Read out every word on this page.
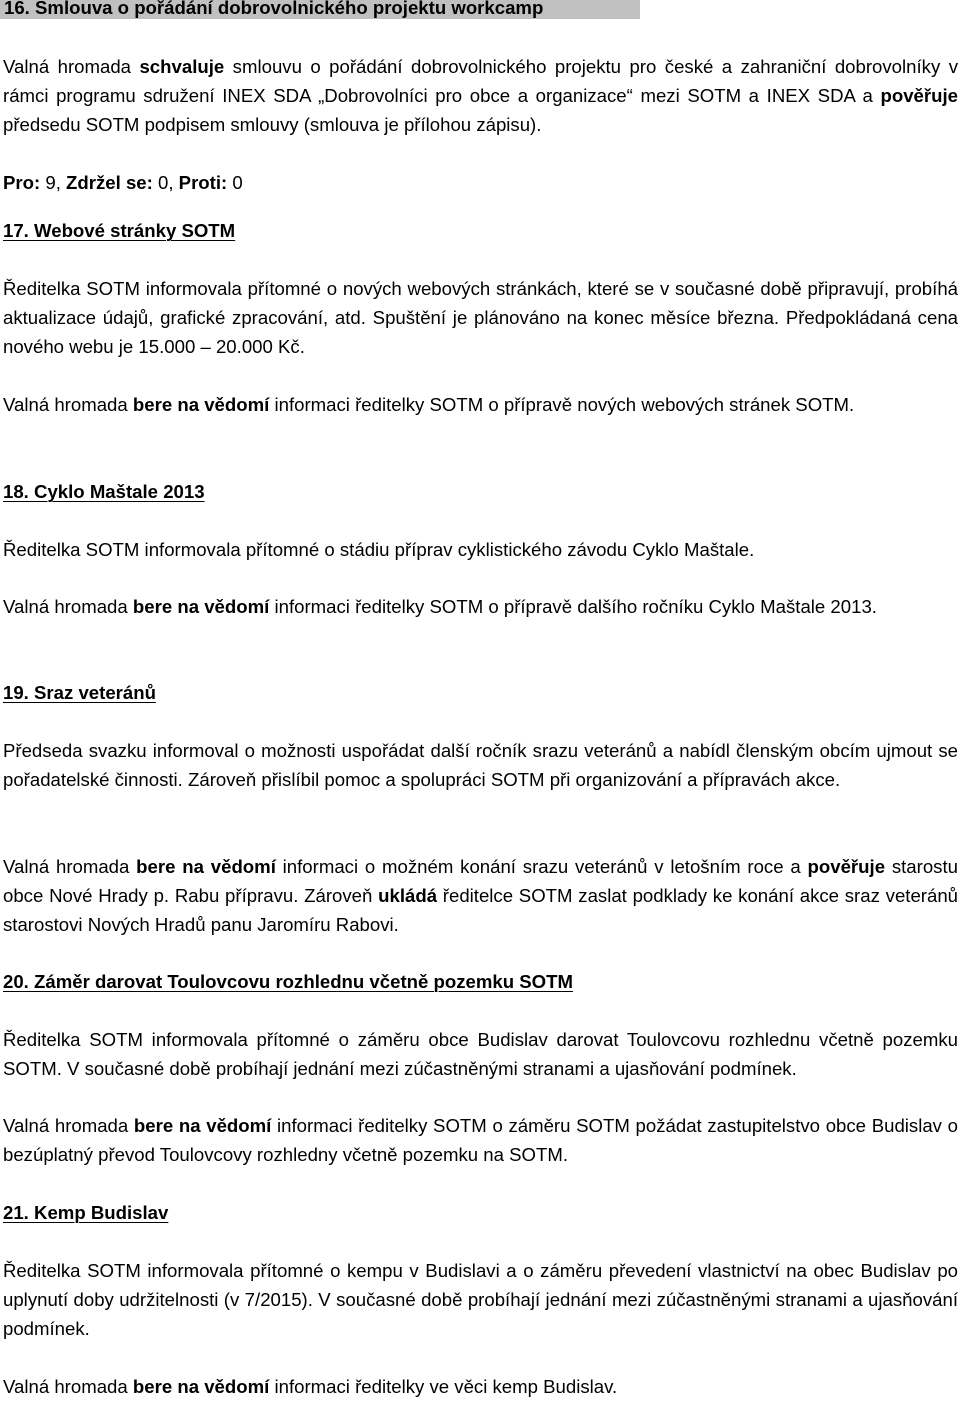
16. Smlouva o pořádání dobrovolnického projektu workcamp

Valná hromada schvaluje smlouvu o pořádání dobrovolnického projektu pro české a zahraniční dobrovolníky v rámci programu sdružení INEX SDA „Dobrovolníci pro obce a organizace“ mezi SOTM a INEX SDA a pověřuje předsedu SOTM podpisem smlouvy (smlouva je přílohou zápisu).

Pro: 9, Zdržel se: 0, Proti: 0

17. Webové stránky SOTM

Ředitelka SOTM informovala přítomné o nových webových stránkách, které se v současné době připravují, probíhá aktualizace údajů, grafické zpracování, atd. Spuštění je plánováno na konec měsíce března. Předpokládaná cena nového webu je 15.000 – 20.000 Kč.

Valná hromada bere na vědomí informaci ředitelky SOTM o přípravě nových webových stránek SOTM.

18. Cyklo Maštale 2013

Ředitelka SOTM informovala přítomné o stádiu příprav cyklistického závodu Cyklo Maštale.

Valná hromada bere na vědomí informaci ředitelky SOTM o přípravě dalšího ročníku Cyklo Maštale 2013.

19. Sraz veteránů

Předseda svazku informoval o možnosti uspořádat další ročník srazu veteránů a nabídl členským obcím ujmout se pořadatelské činnosti. Zároveň přislíbil pomoc a spolupráci SOTM při organizování a přípravách akce.

Valná hromada bere na vědomí informaci o možném konání srazu veteránů v letošním roce a pověřuje starostu obce Nové Hrady p. Rabu přípravu. Zároveň ukládá ředitelce SOTM zaslat podklady ke konání akce sraz veteránů starostovi Nových Hradů panu Jaromíru Rabovi.

20. Záměr darovat Toulovcovu rozhlednu včetně pozemku SOTM

Ředitelka SOTM informovala přítomné o záměru obce Budislav darovat Toulovcovu rozhlednu včetně pozemku SOTM. V současné době probíhají jednání mezi zúčastněnými stranami a ujasňování podmínek.

Valná hromada bere na vědomí informaci ředitelky SOTM o záměru SOTM požádat zastupitelstvo obce Budislav o bezúplatný převod Toulovcovy rozhledny včetně pozemku na SOTM.

21. Kemp Budislav

Ředitelka SOTM informovala přítomné o kempu v Budislavi a o záměru převedení vlastnictví na obec Budislav po uplynutí doby udržitelnosti (v 7/2015). V současné době probíhají jednání mezi zúčastněnými stranami a ujasňování podmínek.

Valná hromada bere na vědomí informaci ředitelky ve věci kemp Budislav.
